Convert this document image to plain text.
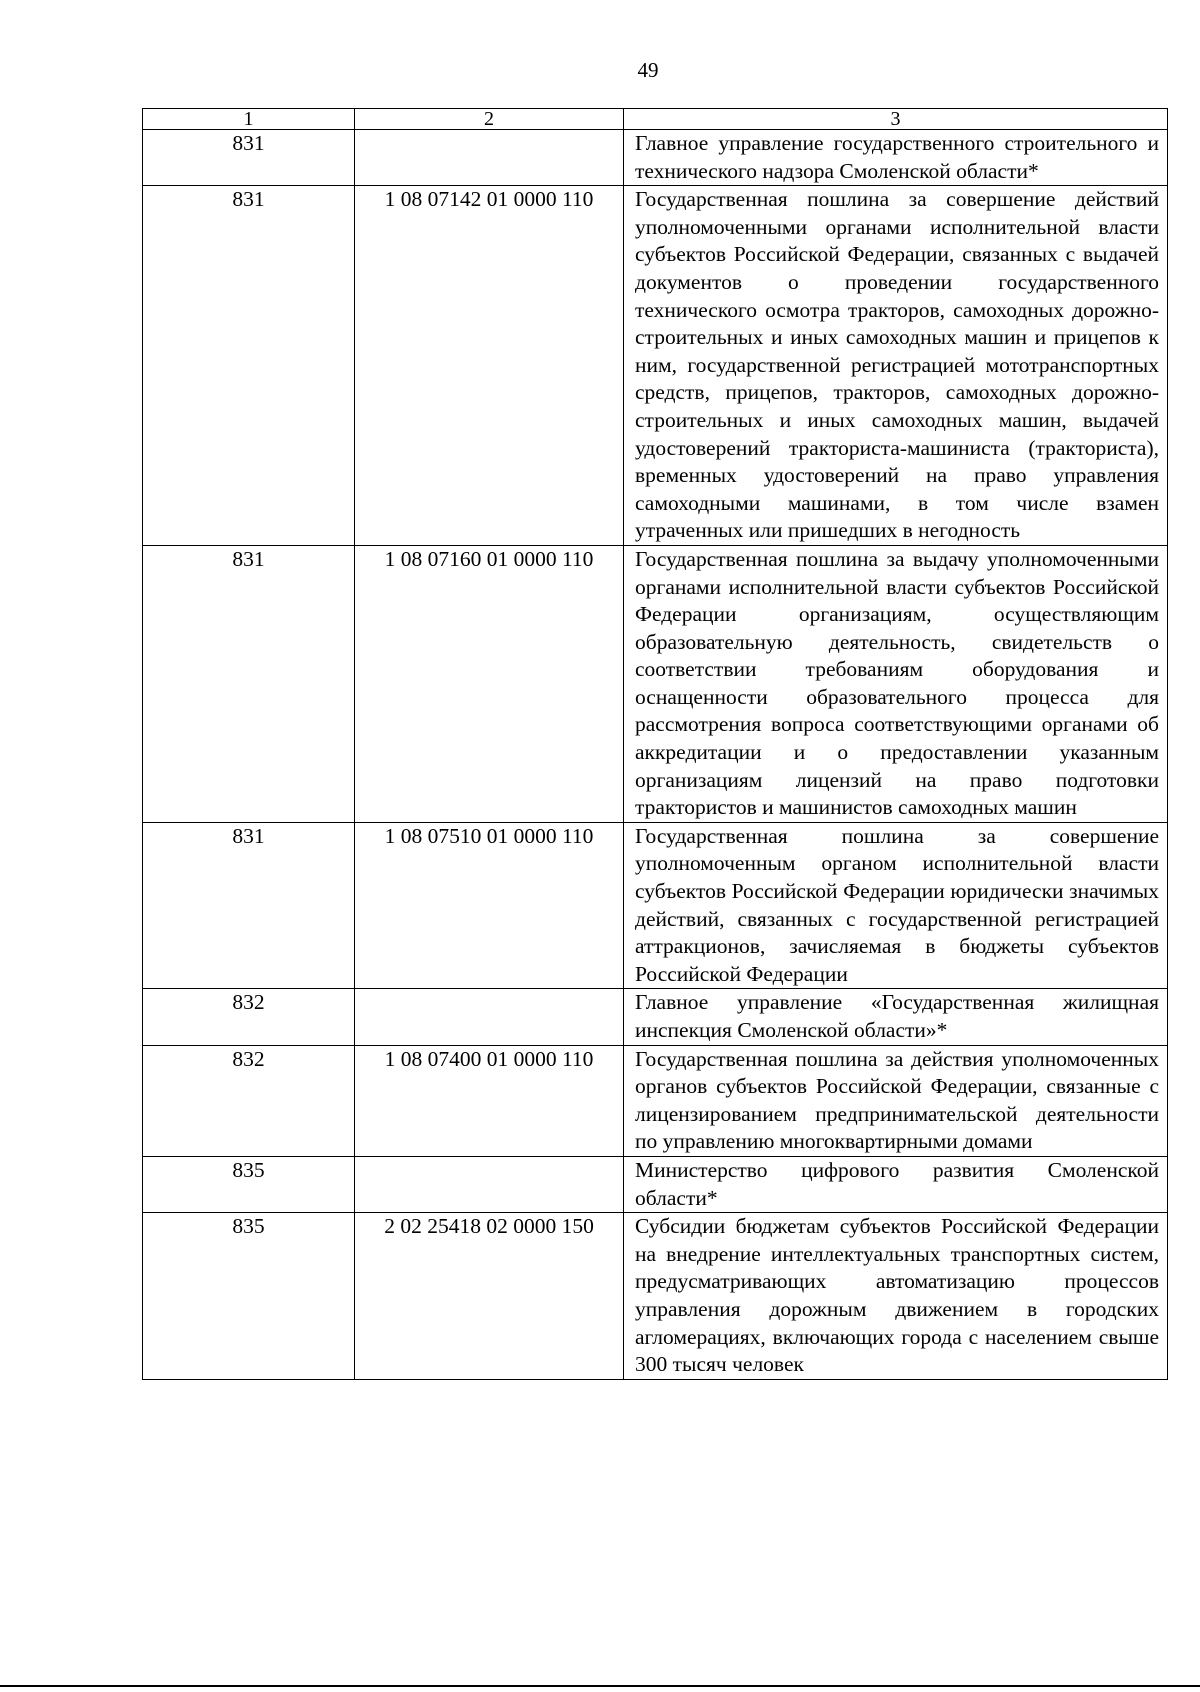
49
1	2	3
831		Главное управление государственного строительного и технического надзора Смоленской области*
831	1 08 07142 01 0000 110	Государственная пошлина за совершение действий уполномоченными органами исполнительной власти субъектов Российской Федерации, связанных с выдачей документов о проведении государственного технического осмотра тракторов, самоходных дорожно-строительных и иных самоходных машин и прицепов к ним, государственной регистрацией мототранспортных средств, прицепов, тракторов, самоходных дорожно-строительных и иных самоходных машин, выдачей удостоверений тракториста-машиниста (тракториста), временных удостоверений на право управления самоходными машинами, в том числе взамен утраченных или пришедших в негодность
831	1 08 07160 01 0000 110	Государственная пошлина за выдачу уполномоченными органами исполнительной власти субъектов Российской Федерации организациям, осуществляющим образовательную деятельность, свидетельств о соответствии требованиям оборудования и оснащенности образовательного процесса для рассмотрения вопроса соответствующими органами об аккредитации и о предоставлении указанным организациям лицензий на право подготовки трактористов и машинистов самоходных машин
831	1 08 07510 01 0000 110	Государственная пошлина за совершение уполномоченным органом исполнительной власти субъектов Российской Федерации юридически значимых действий, связанных с государственной регистрацией аттракционов, зачисляемая в бюджеты субъектов Российской Федерации
832		Главное управление «Государственная жилищная инспекция Смоленской области»*
832	1 08 07400 01 0000 110	Государственная пошлина за действия уполномоченных органов субъектов Российской Федерации, связанные с лицензированием предпринимательской деятельности по управлению многоквартирными домами
835		Министерство цифрового развития Смоленской области*
835	2 02 25418 02 0000 150	Субсидии бюджетам субъектов Российской Федерации на внедрение интеллектуальных транспортных систем, предусматривающих автоматизацию процессов управления дорожным движением в городских агломерациях, включающих города с населением свыше 300 тысяч человек
